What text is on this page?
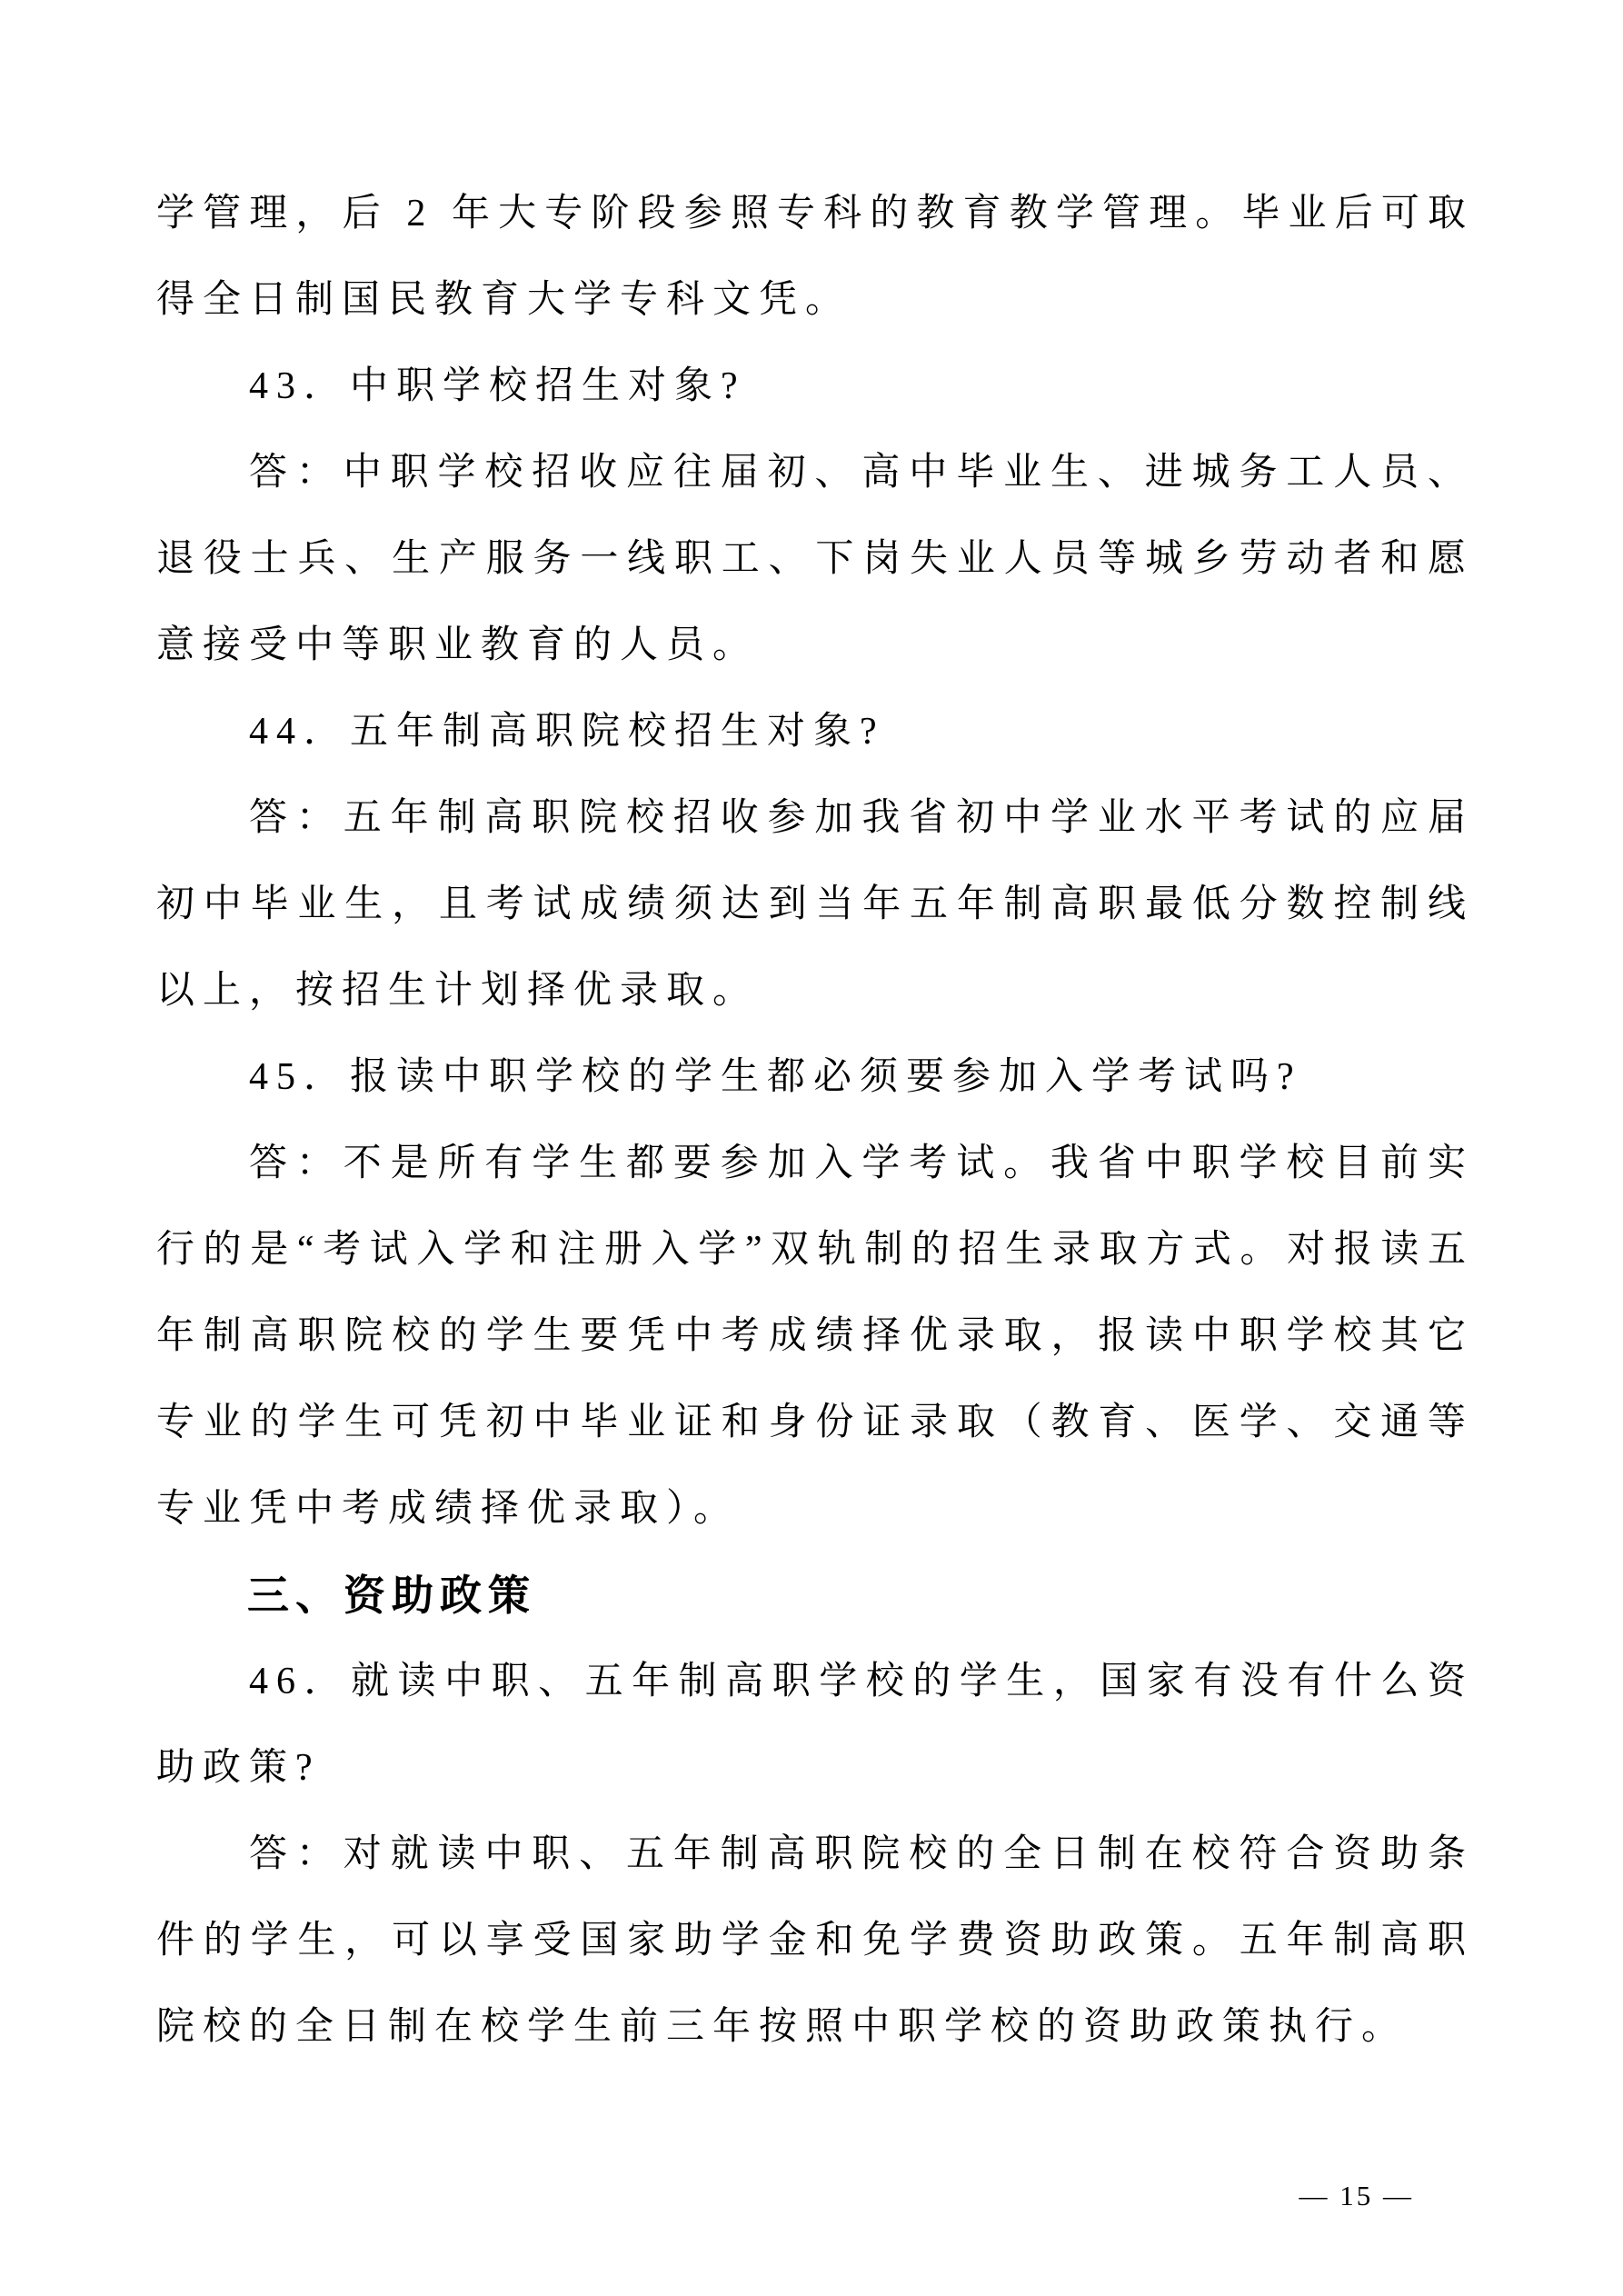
学管理，后 2 年大专阶段参照专科的教育教学管理。毕业后可取得全日制国民教育大学专科文凭。

43．中职学校招生对象?

答：中职学校招收应往届初、高中毕业生、进城务工人员、退役士兵、生产服务一线职工、下岗失业人员等城乡劳动者和愿意接受中等职业教育的人员。

44．五年制高职院校招生对象?

答：五年制高职院校招收参加我省初中学业水平考试的应届初中毕业生，且考试成绩须达到当年五年制高职最低分数控制线以上，按招生计划择优录取。

45．报读中职学校的学生都必须要参加入学考试吗?

答：不是所有学生都要参加入学考试。我省中职学校目前实行的是“考试入学和注册入学”双轨制的招生录取方式。对报读五年制高职院校的学生要凭中考成绩择优录取，报读中职学校其它专业的学生可凭初中毕业证和身份证录取（教育、医学、交通等专业凭中考成绩择优录取）。

三、资助政策

46．就读中职、五年制高职学校的学生，国家有没有什么资助政策?

答：对就读中职、五年制高职院校的全日制在校符合资助条件的学生，可以享受国家助学金和免学费资助政策。五年制高职院校的全日制在校学生前三年按照中职学校的资助政策执行。

— 15 —
